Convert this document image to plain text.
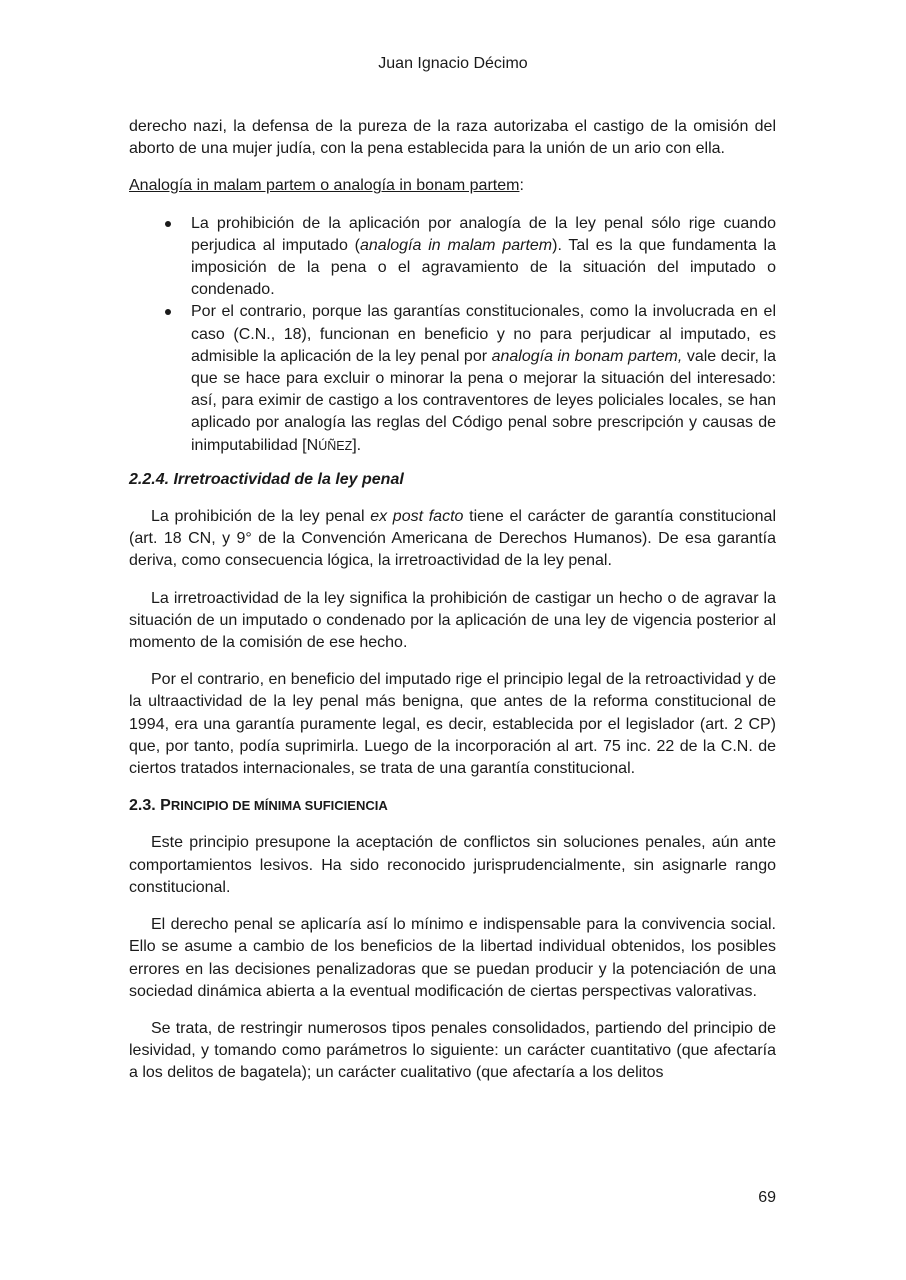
Juan Ignacio Décimo

derecho nazi, la defensa de la pureza de la raza autorizaba el castigo de la omisión del aborto de una mujer judía, con la pena establecida para la unión de un ario con ella.

Analogía in malam partem o analogía in bonam partem:

La prohibición de la aplicación por analogía de la ley penal sólo rige cuando perjudica al imputado (analogía in malam partem). Tal es la que fundamenta la imposición de la pena o el agravamiento de la situación del imputado o condenado.
Por el contrario, porque las garantías constitucionales, como la involucrada en el caso (C.N., 18), funcionan en beneficio y no para perjudicar al imputado, es admisible la aplicación de la ley penal por analogía in bonam partem, vale decir, la que se hace para excluir o minorar la pena o mejorar la situación del interesado: así, para eximir de castigo a los contraventores de leyes policiales locales, se han aplicado por analogía las reglas del Código penal sobre prescripción y causas de inimputabilidad [NÚÑEZ].

2.2.4. Irretroactividad de la ley penal

La prohibición de la ley penal ex post facto tiene el carácter de garantía constitucional (art. 18 CN, y 9° de la Convención Americana de Derechos Humanos). De esa garantía deriva, como consecuencia lógica, la irretroactividad de la ley penal.

La irretroactividad de la ley significa la prohibición de castigar un hecho o de agravar la situación de un imputado o condenado por la aplicación de una ley de vigencia posterior al momento de la comisión de ese hecho.

Por el contrario, en beneficio del imputado rige el principio legal de la retroactividad y de la ultraactividad de la ley penal más benigna, que antes de la reforma constitucional de 1994, era una garantía puramente legal, es decir, establecida por el legislador (art. 2 CP) que, por tanto, podía suprimirla. Luego de la incorporación al art. 75 inc. 22 de la C.N. de ciertos tratados internacionales, se trata de una garantía constitucional.

2.3. PRINCIPIO DE MÍNIMA SUFICIENCIA

Este principio presupone la aceptación de conflictos sin soluciones penales, aún ante comportamientos lesivos. Ha sido reconocido jurisprudencialmente, sin asignarle rango constitucional.

El derecho penal se aplicaría así lo mínimo e indispensable para la convivencia social. Ello se asume a cambio de los beneficios de la libertad individual obtenidos, los posibles errores en las decisiones penalizadoras que se puedan producir y la potenciación de una sociedad dinámica abierta a la eventual modificación de ciertas perspectivas valorativas.

Se trata, de restringir numerosos tipos penales consolidados, partiendo del principio de lesividad, y tomando como parámetros lo siguiente: un carácter cuantitativo (que afectaría a los delitos de bagatela); un carácter cualitativo (que afectaría a los delitos

69
